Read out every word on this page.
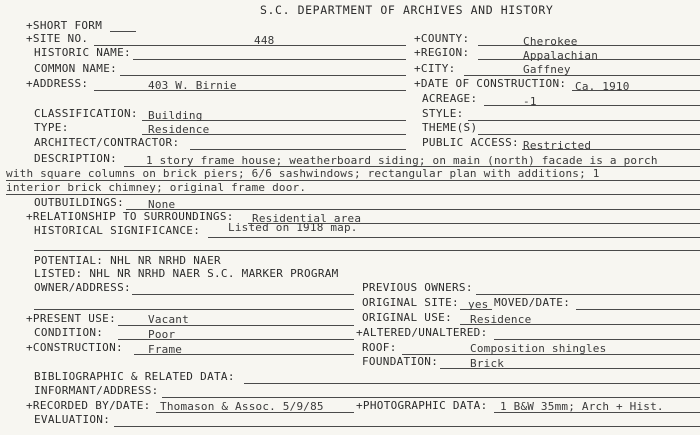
S.C. DEPARTMENT OF ARCHIVES AND HISTORY
+SHORT FORM
+SITE NO.	448	+COUNTY:	Cherokee
HISTORIC NAME:	+REGION:	Appalachian
COMMON NAME:	+CITY:	Gaffney
+ADDRESS:	403 W. Birnie	+DATE OF CONSTRUCTION: Ca. 1910
ACREAGE:	-1
CLASSIFICATION: Building	STYLE:
TYPE:	Residence	THEME(S)
ARCHITECT/CONTRACTOR:	PUBLIC ACCESS: Restricted
DESCRIPTION:	1 story frame house; weatherboard siding; on main (north) facade is a porch
with square columns on brick piers; 6/6 sashwindows; rectangular plan with additions; 1
interior brick chimney; original frame door.
OUTBUILDINGS: None
+RELATIONSHIP TO SURROUNDINGS: Residential area
HISTORICAL SIGNIFICANCE:	Listed on 1918 map.
POTENTIAL: NHL NR NRHD NAER
LISTED: NHL NR NRHD NAER S.C. MARKER PROGRAM
OWNER/ADDRESS:	PREVIOUS OWNERS:
ORIGINAL SITE: yes MOVED/DATE:
+PRESENT USE:	Vacant	ORIGINAL USE: Residence
CONDITION:	Poor	+ALTERED/UNALTERED:
+CONSTRUCTION: Frame	ROOF:	Composition shingles
FOUNDATION:	Brick
BIBLIOGRAPHIC & RELATED DATA:
INFORMANT/ADDRESS:
+RECORDED BY/DATE: Thomason & Assoc. 5/9/85	+PHOTOGRAPHIC DATA: 1 B&W 35mm; Arch + Hist.
EVALUATION:
